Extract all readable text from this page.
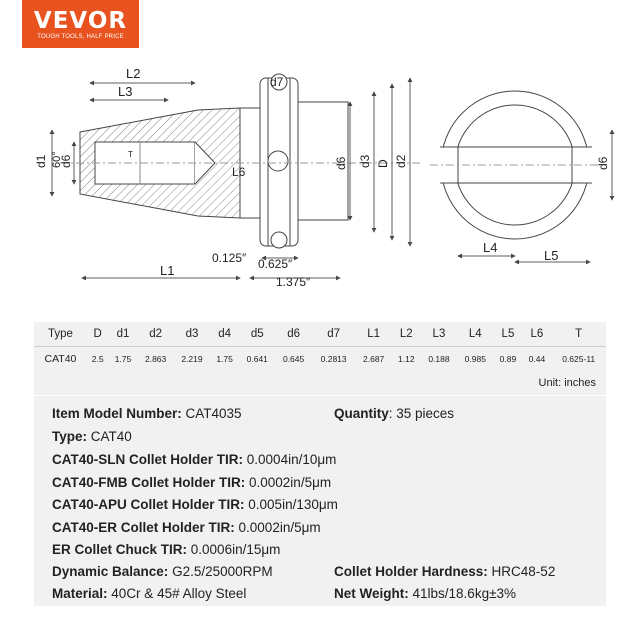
VEVOR
TOUGH TOOLS, HALF PRICE
L2
L3
L1
L6
L4
L5
d1 60°
d6
T
d7
d6 d3 D d2	d6
0.125″ 0.625″
1.375″
Type	D	d1	d2	d3	d4	d5	d6	d7	L1	L2	L3	L4	L5	L6	T
CAT40	2.5	1.75	2.863	2.219	1.75	0.641	0.645	0.2813	2.687	1.12	0.188	0.985	0.89	0.44	0.625-11
Unit: inches															
Item Model Number: CAT4035	Quantity: 35 pieces
Type: CAT40
CAT40-SLN Collet Holder TIR: 0.0004in/10μm
CAT40-FMB Collet Holder TIR: 0.0002in/5μm
CAT40-APU Collet Holder TIR: 0.005in/130μm
CAT40-ER Collet Holder TIR: 0.0002in/5μm
ER Collet Chuck TIR: 0.0006in/15μm
Dynamic Balance: G2.5/25000RPM	Collet Holder Hardness: HRC48-52
Material: 40Cr & 45# Alloy Steel	Net Weight: 41lbs/18.6kg±3%
